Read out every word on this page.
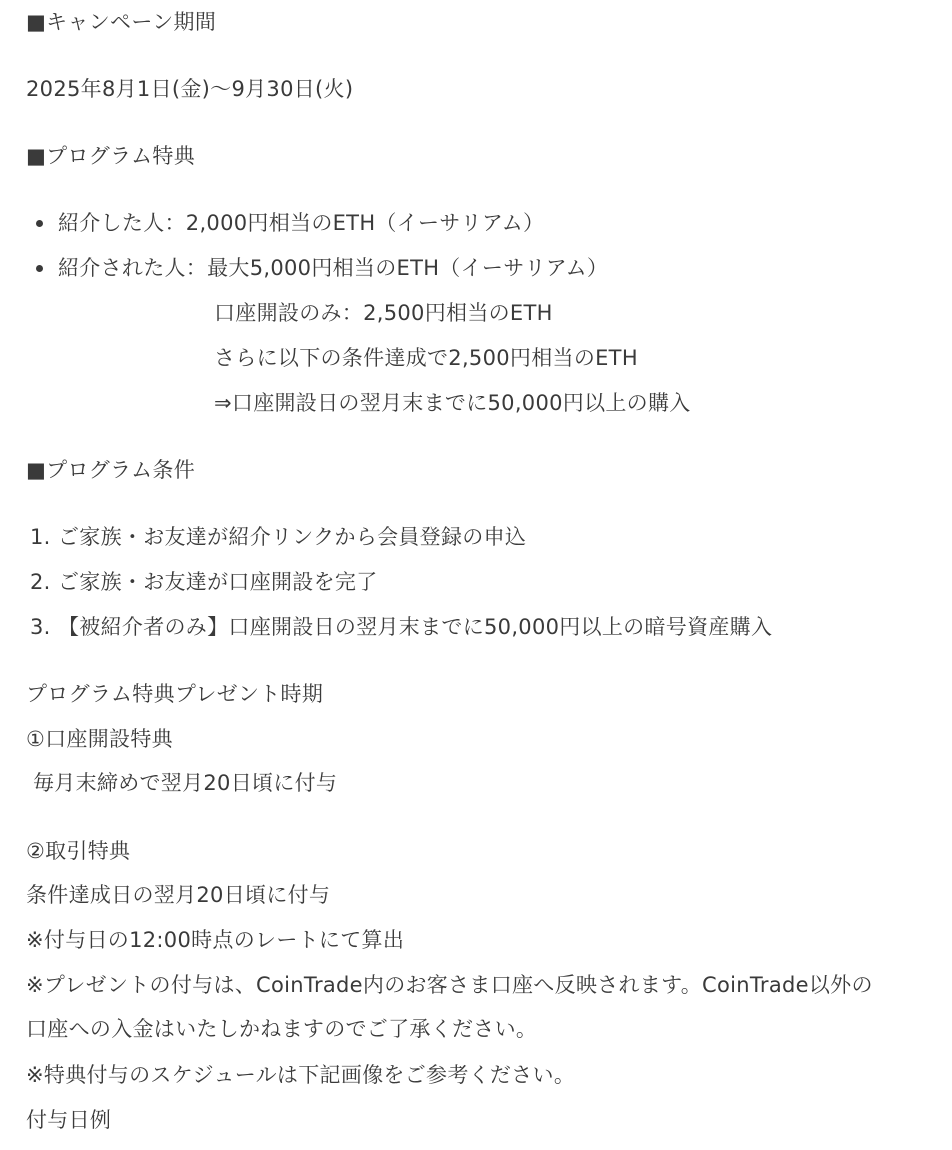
■キャンペーン期間
2025年8月1日(金)〜9月30日(火)
■プログラム特典
紹介した人：2,000円相当のETH（イーサリアム）
紹介された人：最大5,000円相当のETH（イーサリアム）
口座開設のみ：2,500円相当のETH
さらに以下の条件達成で2,500円相当のETH
⇒口座開設日の翌月末までに50,000円以上の購入
■プログラム条件
1. ご家族・お友達が紹介リンクから会員登録の申込
2. ご家族・お友達が口座開設を完了
3. 【被紹介者のみ】口座開設日の翌月末までに50,000円以上の暗号資産購入
プログラム特典プレゼント時期
①口座開設特典
毎月末締めで翌月20日頃に付与
②取引特典
条件達成日の翌月20日頃に付与
※付与日の12:00時点のレートにて算出
※プレゼントの付与は、CoinTrade内のお客さま口座へ反映されます。CoinTrade以外の
口座への入金はいたしかねますのでご了承ください。
※特典付与のスケジュールは下記画像をご参考ください。
付与日例
